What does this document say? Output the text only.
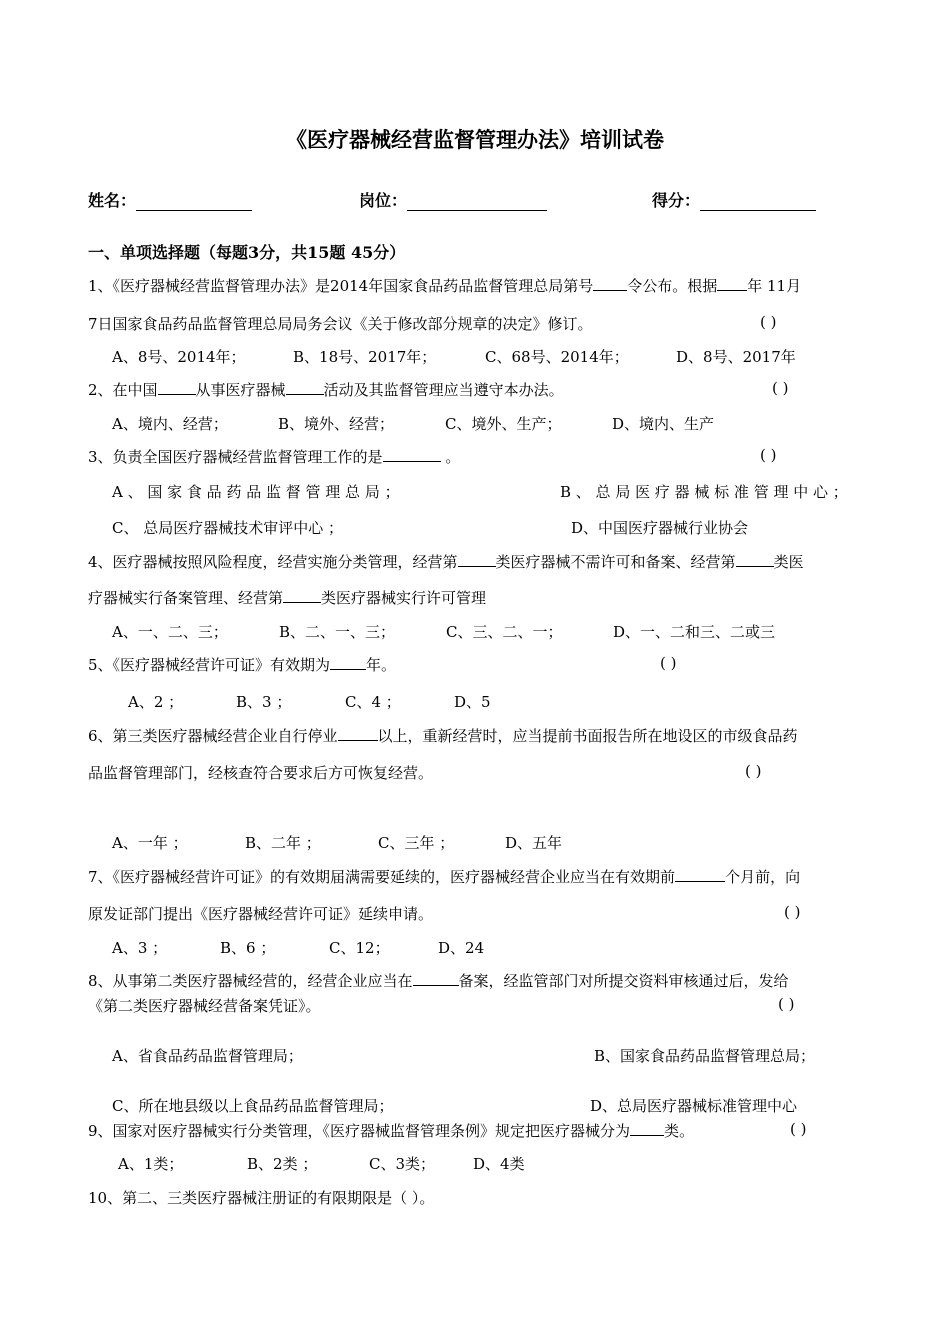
《医疗器械经营监督管理办法》培训试卷
姓名：	岗位：	得分：
一、单项选择题（每题3分，共15题 45分）
1、《医疗器械经营监督管理办法》是2014年国家食品药品监督管理总局第号 令公布。根据 年 11月
7日国家食品药品监督管理总局局务会议《关于修改部分规章的决定》修订。	( )
A、8号、2014年；	B、18号、2017年；	C、68号、2014年；	D、8号、2017年
2、在中国	从事医疗器械	活动及其监督管理应当遵守本办法。	( )
A、境内、经营；	B、境外、经营；	C、境外、生产；	D、境内、生产
3、负责全国医疗器械经营监督管理工作的是	。	( )
A 、 国 家 食 品 药 品 监 督 管 理 总 局 ；	B 、 总 局 医 疗 器 械 标 准 管 理 中 心 ；
C、 总局医疗器械技术审评中心 ；	D、中国医疗器械行业协会
4、医疗器械按照风险程度，经营实施分类管理，经营第	类医疗器械不需许可和备案、经营第	类医
疗器械实行备案管理、经营第	类医疗器械实行许可管理
A、一、二、三；	B、二、一、三；	C、三、二、一；	D、一、二和三、二或三
5、《医疗器械经营许可证》有效期为 年。	( )
A、2 ；	B、3 ；	C、4 ；	D、5
6、第三类医疗器械经营企业自行停业	以上，重新经营时，应当提前书面报告所在地设区的市级食品药
品监督管理部门，经核查符合要求后方可恢复经营。	( )
A、一年 ；	B、二年 ；	C、三年 ；	D、五年
7、《医疗器械经营许可证》的有效期届满需要延续的，医疗器械经营企业应当在有效期前	个月前，向
原发证部门提出《医疗器械经营许可证》延续申请。	( )
A、3 ；	B、6 ；	C、12；	D、24
8、从事第二类医疗器械经营的，经营企业应当在	备案，经监管部门对所提交资料审核通过后，发给
《第二类医疗器械经营备案凭证》。	( )
A、省食品药品监督管理局；	B、国家食品药品监督管理总局；
C、所在地县级以上食品药品监督管理局；	D、总局医疗器械标准管理中心
9、国家对医疗器械实行分类管理，《医疗器械监督管理条例》规定把医疗器械分为 类。	( )
A、1类；	B、2类 ；	C、3类；	D、4类
10、第二、三类医疗器械注册证的有限期限是（ ）。
